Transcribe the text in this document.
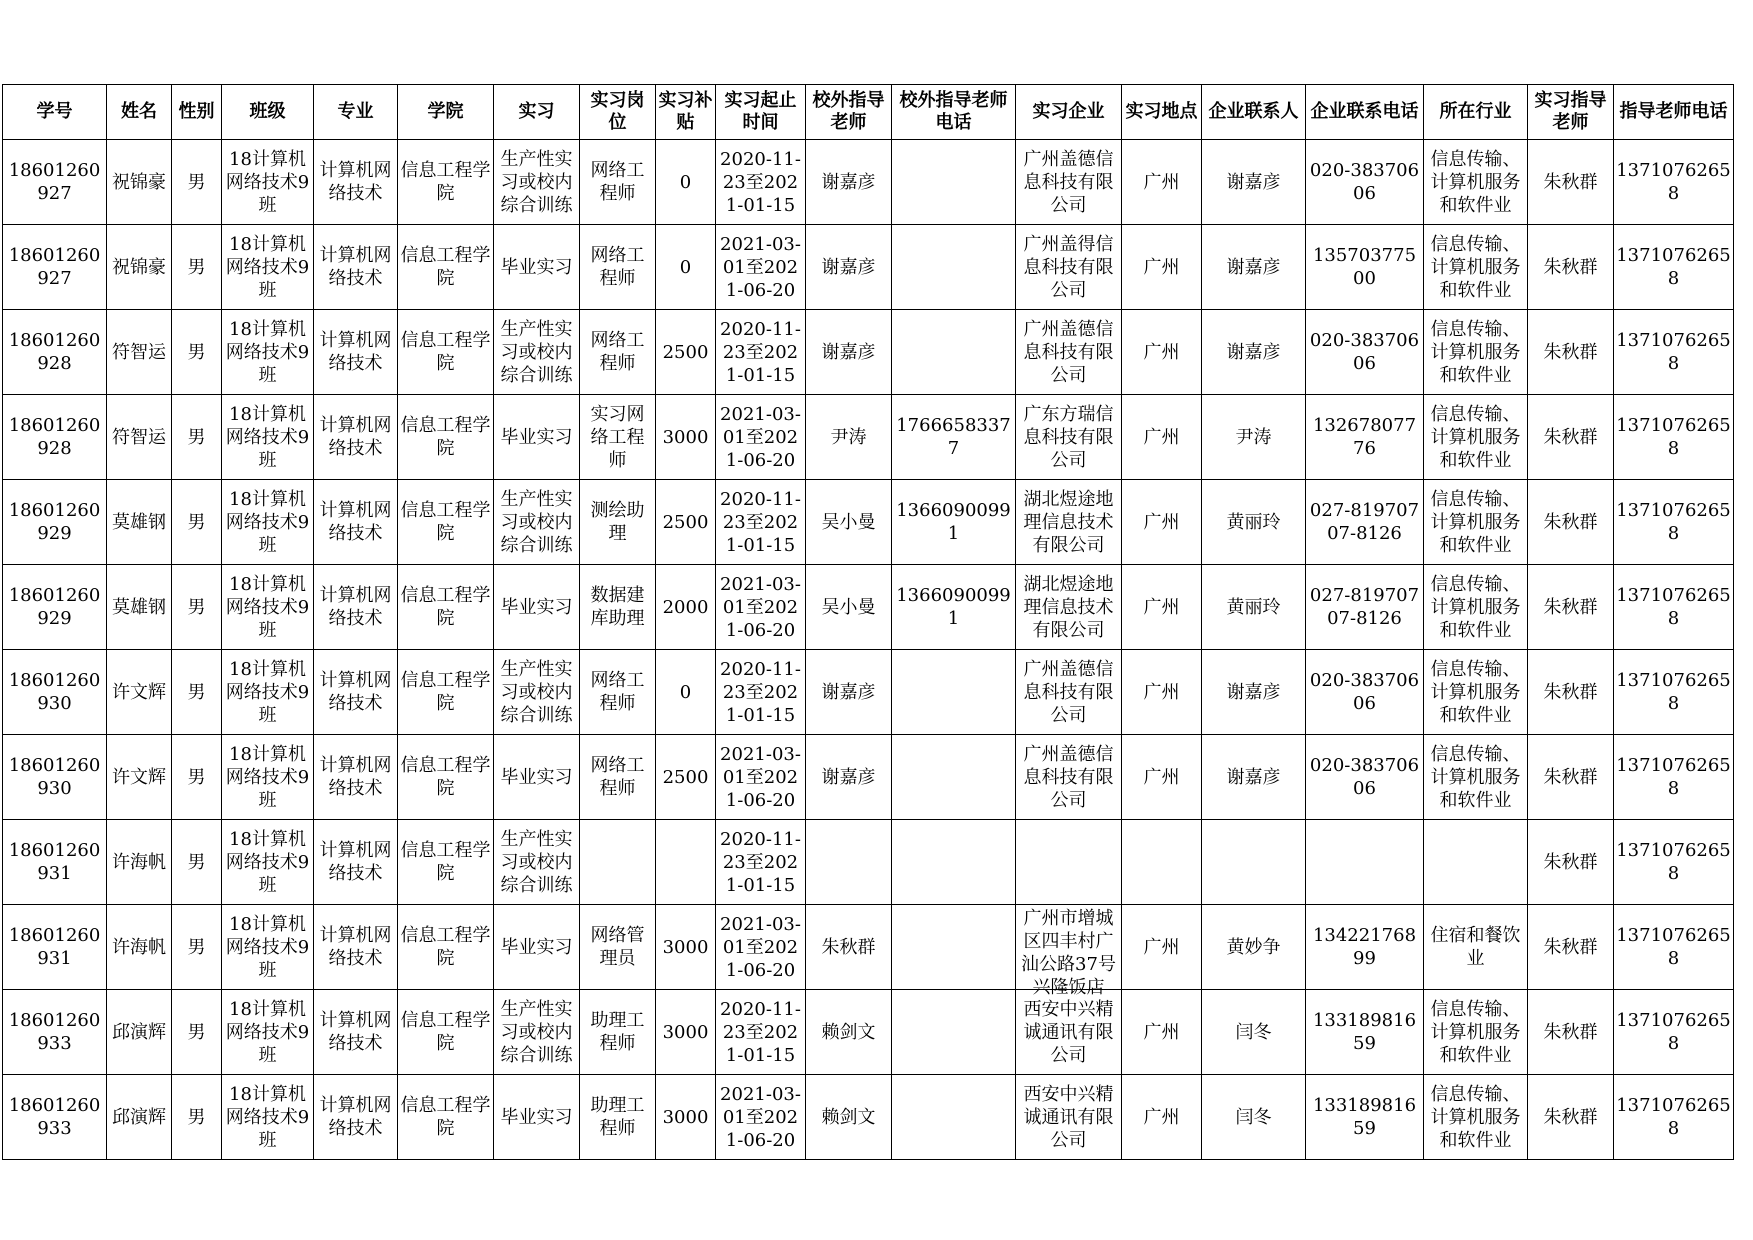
学号	姓名	性别	班级	专业	学院	实习	实习岗位	实习补贴	实习起止时间	校外指导老师	校外指导老师电话	实习企业	实习地点	企业联系人	企业联系电话	所在行业	实习指导老师	指导老师电话

18601260927	祝锦豪	男	18计算机网络技术9班	计算机网络技术	信息工程学院	生产性实习或校内综合训练	网络工程师	0	2020-11-23至2021-01-15	谢嘉彦		广州盖德信息科技有限公司	广州	谢嘉彦	020-38370606	信息传输、计算机服务和软件业	朱秋群	13710762658

18601260927	祝锦豪	男	18计算机网络技术9班	计算机网络技术	信息工程学院	毕业实习	网络工程师	0	2021-03-01至2021-06-20	谢嘉彦		广州盖得信息科技有限公司	广州	谢嘉彦	13570377500	信息传输、计算机服务和软件业	朱秋群	13710762658

18601260928	符智运	男	18计算机网络技术9班	计算机网络技术	信息工程学院	生产性实习或校内综合训练	网络工程师	2500	2020-11-23至2021-01-15	谢嘉彦		广州盖德信息科技有限公司	广州	谢嘉彦	020-38370606	信息传输、计算机服务和软件业	朱秋群	13710762658

18601260928	符智运	男	18计算机网络技术9班	计算机网络技术	信息工程学院	毕业实习	实习网络工程师	3000	2021-03-01至2021-06-20	尹涛	17666583377	广东方瑞信息科技有限公司	广州	尹涛	13267807776	信息传输、计算机服务和软件业	朱秋群	13710762658

18601260929	莫雄钢	男	18计算机网络技术9班	计算机网络技术	信息工程学院	生产性实习或校内综合训练	测绘助理	2500	2020-11-23至2021-01-15	吴小曼	13660900991	湖北煜途地理信息技术有限公司	广州	黄丽玲	027-81970707-8126	信息传输、计算机服务和软件业	朱秋群	13710762658

18601260929	莫雄钢	男	18计算机网络技术9班	计算机网络技术	信息工程学院	毕业实习	数据建库助理	2000	2021-03-01至2021-06-20	吴小曼	13660900991	湖北煜途地理信息技术有限公司	广州	黄丽玲	027-81970707-8126	信息传输、计算机服务和软件业	朱秋群	13710762658

18601260930	许文辉	男	18计算机网络技术9班	计算机网络技术	信息工程学院	生产性实习或校内综合训练	网络工程师	0	2020-11-23至2021-01-15	谢嘉彦		广州盖德信息科技有限公司	广州	谢嘉彦	020-38370606	信息传输、计算机服务和软件业	朱秋群	13710762658

18601260930	许文辉	男	18计算机网络技术9班	计算机网络技术	信息工程学院	毕业实习	网络工程师	2500	2021-03-01至2021-06-20	谢嘉彦		广州盖德信息科技有限公司	广州	谢嘉彦	020-38370606	信息传输、计算机服务和软件业	朱秋群	13710762658

18601260931	许海帆	男	18计算机网络技术9班	计算机网络技术	信息工程学院	生产性实习或校内综合训练			2020-11-23至2021-01-15								朱秋群	13710762658

18601260931	许海帆	男	18计算机网络技术9班	计算机网络技术	信息工程学院	毕业实习	网络管理员	3000	2021-03-01至2021-06-20	朱秋群		广州市增城区四丰村广汕公路37号兴隆饭店	广州	黄妙争	13422176899	住宿和餐饮业	朱秋群	13710762658

18601260933	邱演辉	男	18计算机网络技术9班	计算机网络技术	信息工程学院	生产性实习或校内综合训练	助理工程师	3000	2020-11-23至2021-01-15	赖剑文		西安中兴精诚通讯有限公司	广州	闫冬	13318981659	信息传输、计算机服务和软件业	朱秋群	13710762658

18601260933	邱演辉	男	18计算机网络技术9班	计算机网络技术	信息工程学院	毕业实习	助理工程师	3000	2021-03-01至2021-06-20	赖剑文		西安中兴精诚通讯有限公司	广州	闫冬	13318981659	信息传输、计算机服务和软件业	朱秋群	13710762658
